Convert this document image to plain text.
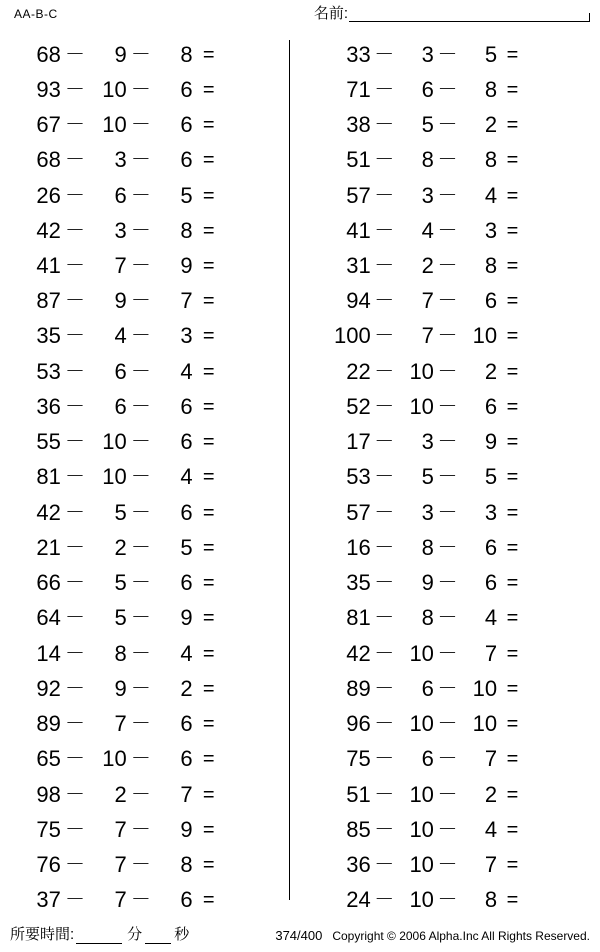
AA-B-C	名前:
68 －	9 －	8 =
93 － 10 －	6 =
67 － 10 －	6 =
68 －	3 －	6 =
26 －	6 －	5 =
42 －	3 －	8 =
41 －	7 －	9 =
87 －	9 －	7 =
35 －	4 －	3 =
53 －	6 －	4 =
36 －	6 －	6 =
55 － 10 －	6 =
81 － 10 －	4 =
42 －	5 －	6 =
21 －	2 －	5 =
66 －	5 －	6 =
64 －	5 －	9 =
14 －	8 －	4 =
92 －	9 －	2 =
89 －	7 －	6 =
65 － 10 －	6 =
98 －	2 －	7 =
75 －	7 －	9 =
76 －	7 －	8 =
37 －	7 －	6 =
33 －	3 －	5 =
71 －	6 －	8 =
38 －	5 －	2 =
51 －	8 －	8 =
57 －	3 －	4 =
41 －	4 －	3 =
31 －	2 －	8 =
94 －	7 －	6 =
100 －	7 － 10 =
22 － 10 －	2 =
52 － 10 －	6 =
17 －	3 －	9 =
53 －	5 －	5 =
57 －	3 －	3 =
16 －	8 －	6 =
35 －	9 －	6 =
81 －	8 －	4 =
42 － 10 －	7 =
89 －	6 － 10 =
96 － 10 － 10 =
75 －	6 －	7 =
51 － 10 －	2 =
85 － 10 －	4 =
36 － 10 －	7 =
24 － 10 －	8 =
所要時間:	分 秒	374/400 Copyright © 2006 Alpha.Inc All Rights Reserved.
